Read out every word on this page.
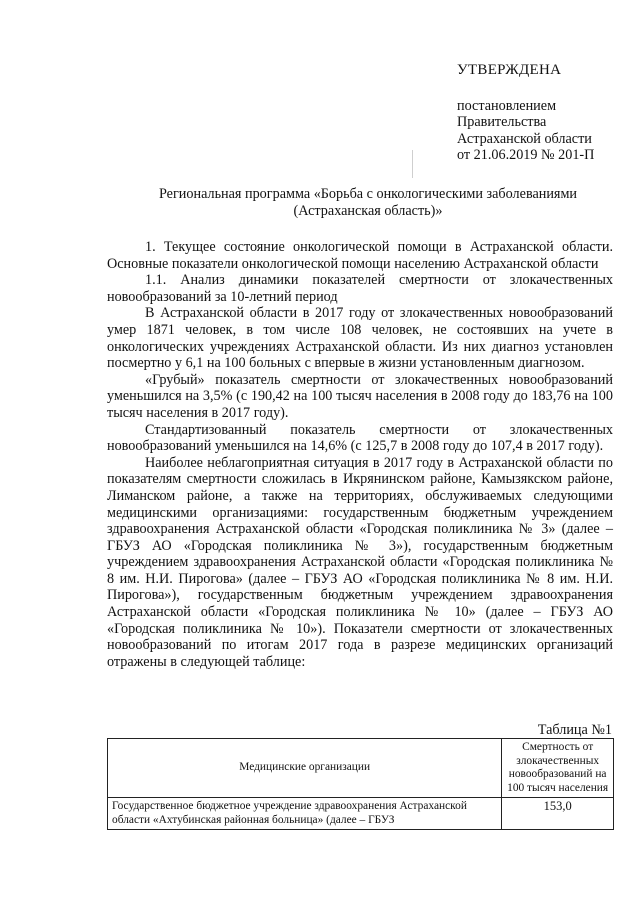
УТВЕРЖДЕНА
постановлением
Правительства
Астраханской области
от 21.06.2019 № 201-П
Региональная программа «Борьба с онкологическими заболеваниями
(Астраханская область)»

1. Текущее состояние онкологической помощи в Астраханской области. Основные показатели онкологической помощи населению Астраханской области

1.1. Анализ динамики показателей смертности от злокачественных новообразований за 10-летний период

В Астраханской области в 2017 году от злокачественных новообразований умер 1871 человек, в том числе 108 человек, не состоявших на учете в онкологических учреждениях Астраханской области. Из них диагноз установлен посмертно у 6,1 на 100 больных с впервые в жизни установленным диагнозом.

«Грубый» показатель смертности от злокачественных новообразований уменьшился на 3,5% (с 190,42 на 100 тысяч населения в 2008 году до 183,76 на 100 тысяч населения в 2017 году).

Стандартизованный показатель смертности от злокачественных новообразований уменьшился на 14,6% (с 125,7 в 2008 году до 107,4 в 2017 году).

Наиболее неблагоприятная ситуация в 2017 году в Астраханской области по показателям смертности сложилась в Икрянинском районе, Камызякском районе, Лиманском районе, а также на территориях, обслуживаемых следующими медицинскими организациями: государственным бюджетным учреждением здравоохранения Астраханской области «Городская поликлиника № 3» (далее – ГБУЗ АО «Городская поликлиника № 3»), государственным бюджетным учреждением здравоохранения Астраханской области «Городская поликлиника № 8 им. Н.И. Пирогова» (далее – ГБУЗ АО «Городская поликлиника № 8 им. Н.И. Пирогова»), государственным бюджетным учреждением здравоохранения Астраханской области «Городская поликлиника № 10» (далее – ГБУЗ АО «Городская поликлиника № 10»). Показатели смертности от злокачественных новообразований по итогам 2017 года в разрезе медицинских организаций отражены в следующей таблице:

Таблица №1
Медицинские организации	Смертность от злокачественных новообразований на 100 тысяч населения
Государственное бюджетное учреждение здравоохранения Астраханской области «Ахтубинская районная больница» (далее – ГБУЗ	153,0
